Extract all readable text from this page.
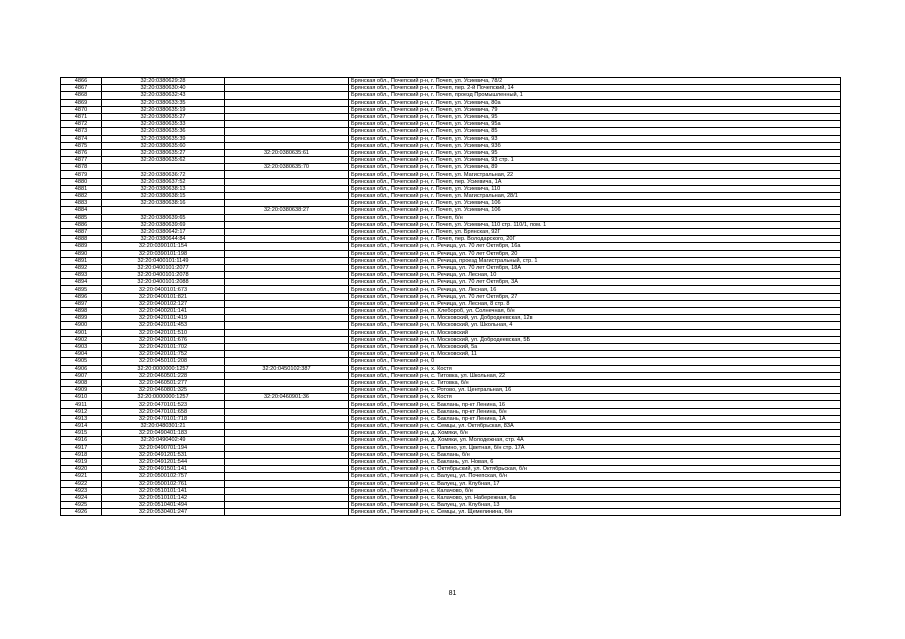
4866	32:20:0380629:28		Брянская обл., Почепский р-н, г. Почеп, ул. Усиевича, 78/2
4867	32:20:0380630:40		Брянская обл., Почепский р-н, г. Почеп, пер. 2-й Почепский, 14
4868	32:20:0380632:43		Брянская обл., Почепский р-н, г. Почеп, проезд Промышленный, 1
4869	32:20:0380633:35		Брянская обл., Почепский р-н, г. Почеп, ул. Усиевича, 80а
4870	32:20:0380635:19		Брянская обл., Почепский р-н, г. Почеп, ул. Усиевича, 79
4871	32:20:0380635:27		Брянская обл., Почепский р-н, г. Почеп, ул. Усиевича, 95
4872	32:20:0380635:33		Брянская обл., Почепский р-н, г. Почеп, ул. Усиевича, 95а
4873	32:20:0380635:36		Брянская обл., Почепский р-н, г. Почеп, ул. Усиевича, 85
4874	32:20:0380635:39		Брянская обл., Почепский р-н, г. Почеп, ул. Усиевича, 93
4875	32:20:0380635:60		Брянская обл., Почепский р-н, г. Почеп, ул. Усиевича, 93б
4876	32:20:0380635:27	32:20:0380635:61	Брянская обл., Почепский р-н, г. Почеп, ул. Усиевича, 95
4877	32:20:0380635:62		Брянская обл., Почепский р-н, г. Почеп, ул. Усиевича, 93 стр. 1
4878		32:20:0380635:70	Брянская обл., Почепский р-н, г. Почеп, ул. Усиевича, 89
4879	32:20:0380636:72		Брянская обл., Почепский р-н, г. Почеп, ул. Магистральная, 22
4880	32:20:0380637:52		Брянская обл., Почепский р-н, г. Почеп, пер. Усиевича, 1А
4881	32:20:0380638:13		Брянская обл., Почепский р-н, г. Почеп, ул. Усиевича, 110
4882	32:20:0380638:15		Брянская обл., Почепский р-н, г. Почеп, ул. Магистральная, 28/1
4883	32:20:0380638:16		Брянская обл., Почепский р-н, г. Почеп, ул. Усиевича, 106
4884		32:20:0380638:27	Брянская обл., Почепский р-н, г. Почеп, ул. Усиевича, 106
4885	32:20:0380639:65		Брянская обл., Почепский р-н, г. Почеп, б/н
4886	32:20:0380639:69		Брянская обл., Почепский р-н, г. Почеп, ул. Усиевича, 110 стр. 110/1, пом. 1
4887	32:20:0380642:17		Брянская обл., Почепский р-н, г. Почеп, ул. Брянская, 92Г
4888	32:20:0380644:84		Брянская обл., Почепский р-н, г. Почеп, пер. Володарского, 20Г
4889	32:20:0390101:154		Брянская обл., Почепский р-н, п. Речица, ул. 70 лет Октября, 16а
4890	32:20:0390101:198		Брянская обл., Почепский р-н, п. Речица, ул. 70 лет Октября, 20
4891	32:20:0400101:1149		Брянская обл., Почепский р-н, п. Речица, проезд Магистральный, стр. 1
4892	32:20:0400101:2077		Брянская обл., Почепский р-н, п. Речица, ул. 70 лет Октября, 18А
4893	32:20:0400101:2078		Брянская обл., Почепский р-н, п. Речица, ул. Лесная, 10
4894	32:20:0400101:2088		Брянская обл., Почепский р-н, п. Речица, ул. 70 лет Октября, 3А
4895	32:20:0400101:673		Брянская обл., Почепский р-н, п. Речица, ул. Лесная, 16
4896	32:20:0400101:821		Брянская обл., Почепский р-н, п. Речица, ул. 70 лет Октября, 27
4897	32:20:0400102:127		Брянская обл., Почепский р-н, п. Речица, ул. Лесная, 8 стр. 8
4898	32:20:0400201:141		Брянская обл., Почепский р-н, п. Хлебороб, ул. Солнечная, б/н
4899	32:20:0420101:419		Брянская обл., Почепский р-н, п. Московский, ул. Добродеевская, 12в
4900	32:20:0420101:453		Брянская обл., Почепский р-н, п. Московский, ул. Школьная, 4
4901	32:20:0420101:510		Брянская обл., Почепский р-н, п. Московский
4902	32:20:0420101:676		Брянская обл., Почепский р-н, п. Московский, ул. Добродеевская, 5Б
4903	32:20:0420101:702		Брянская обл., Почепский р-н, п. Московский, 5а
4904	32:20:0420101:752		Брянская обл., Почепский р-н, п. Московский, 11
4905	32:20:0450101:208		Брянская обл., Почепский р-н, 0
4906	32:20:0000000:1257	32:20:0450102:387	Брянская обл., Почепский р-н, х. Костя
4907	32:20:0460501:228		Брянская обл., Почепский р-н, с. Титовка, ул. Школьная, 22
4908	32:20:0460501:277		Брянская обл., Почепский р-н, с. Титовка, б/н
4909	32:20:0460801:325		Брянская обл., Почепский р-н, с. Ротово, ул. Центральная, 16
4910	32:20:0000000:1257	32:20:0460901:36	Брянская обл., Почепский р-н, х. Костя
4911	32:20:0470101:523		Брянская обл., Почепский р-н, с. Баклань, пр-кт Ленина, 16
4912	32:20:0470101:658		Брянская обл., Почепский р-н, с. Баклань, пр-кт Ленина, б/н
4913	32:20:0470101:718		Брянская обл., Почепский р-н, с. Баклань, пр-кт Ленина, 1А
4914	32:20:0480301:21		Брянская обл., Почепский р-н, с. Семцы, ул. Октябрьская, 83А
4915	32:20:0490401:183		Брянская обл., Почепский р-н, д. Хомяки, б/н
4916	32:20:0490402:49		Брянская обл., Почепский р-н, д. Хомяки, ул. Молодежная, стр. 4А
4917	32:20:0490701:194		Брянская обл., Почепский р-н, с. Папино, ул. Цветная, б/н стр. 17А
4918	32:20:0491201:531		Брянская обл., Почепский р-н, с. Баклань, б/н
4919	32:20:0491201:544		Брянская обл., Почепский р-н, с. Баклань, ул. Новая, 6
4920	32:20:0491501:141		Брянская обл., Почепский р-н, п. Октябрьский, ул. Октябрьская, б/н
4921	32:20:0500102:757		Брянская обл., Почепский р-н, с. Валуец, ул. Почепская, б/н
4922	32:20:0500102:761		Брянская обл., Почепский р-н, с. Валуец, ул. Клубная, 17
4923	32:20:0510101:141		Брянская обл., Почепский р-н, с. Калачово, б/н
4924	32:20:0510101:142		Брянская обл., Почепский р-н, с. Калачово, ул. Набережная, 6а
4925	32:20:0510401:494		Брянская обл., Почепский р-н, с. Валуец, ул. Клубная, 13
4926	32:20:0530401:247		Брянская обл., Почепский р-н, с. Семцы, ул. Щемелинина, б/н
81
